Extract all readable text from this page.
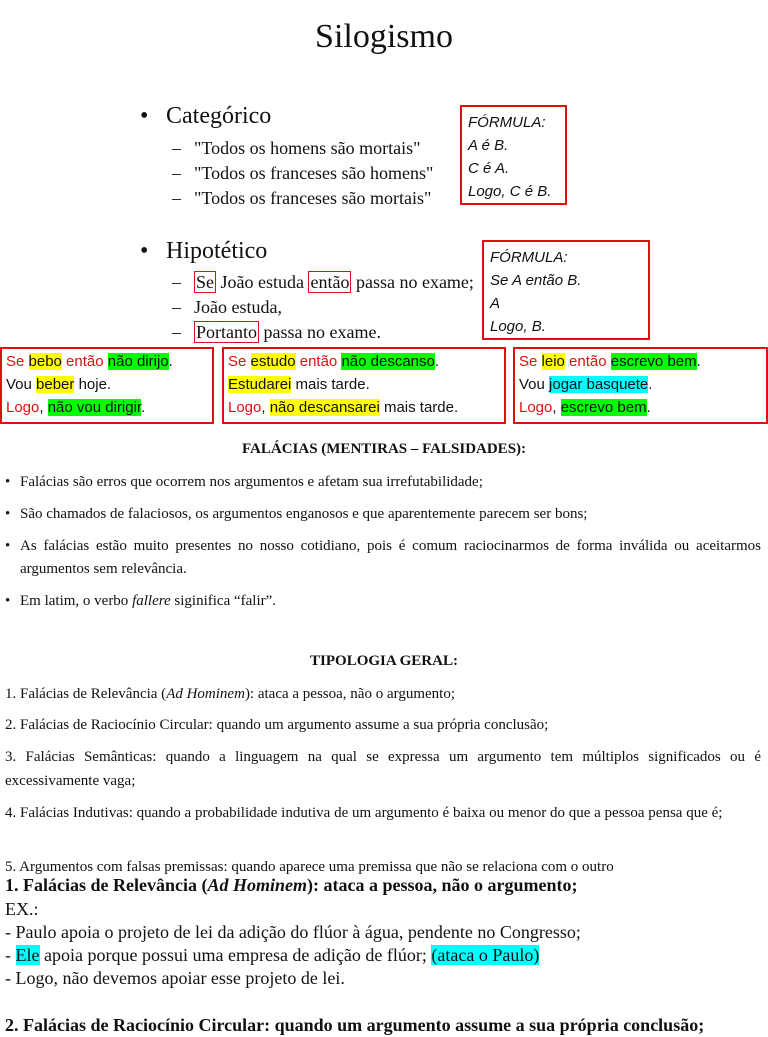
Silogismo
• Categórico
– "Todos os homens são mortais"
– "Todos os franceses são homens"
– "Todos os franceses são mortais"
FÓRMULA:
A é B.
C é A.
Logo, C é B.
• Hipotético
– Se João estuda então passa no exame;
– João estuda,
– Portanto passa no exame.
FÓRMULA:
Se A então B.
A
Logo, B.
Se bebo então não dirijo.
Vou beber hoje.
Logo, não vou dirigir.
Se estudo então não descanso.
Estudarei mais tarde.
Logo, não descansarei mais tarde.
Se leio então escrevo bem.
Vou jogar basquete.
Logo, escrevo bem.
FALÁCIAS (MENTIRAS – FALSIDADES):
• Falácias são erros que ocorrem nos argumentos e afetam sua irrefutabilidade;
• São chamados de falaciosos, os argumentos enganosos e que aparentemente parecem ser bons;
• As falácias estão muito presentes no nosso cotidiano, pois é comum raciocinarmos de forma inválida ou aceitarmos argumentos sem relevância.
• Em latim, o verbo fallere siginifica “falir”.
TIPOLOGIA GERAL:
1. Falácias de Relevância (Ad Hominem): ataca a pessoa, não o argumento;
2. Falácias de Raciocínio Circular: quando um argumento assume a sua própria conclusão;
3. Falácias Semânticas: quando a linguagem na qual se expressa um argumento tem múltiplos significados ou é excessivamente vaga;
4. Falácias Indutivas: quando a probabilidade indutiva de um argumento é baixa ou menor do que a pessoa pensa que é;
5. Argumentos com falsas premissas: quando aparece uma premissa que não se relaciona com o outro
1. Falácias de Relevância (Ad Hominem): ataca a pessoa, não o argumento;
EX.:
- Paulo apoia o projeto de lei da adição do flúor à água, pendente no Congresso;
- Ele apoia porque possui uma empresa de adição de flúor; (ataca o Paulo)
- Logo, não devemos apoiar esse projeto de lei.
2. Falácias de Raciocínio Circular: quando um argumento assume a sua própria conclusão;
